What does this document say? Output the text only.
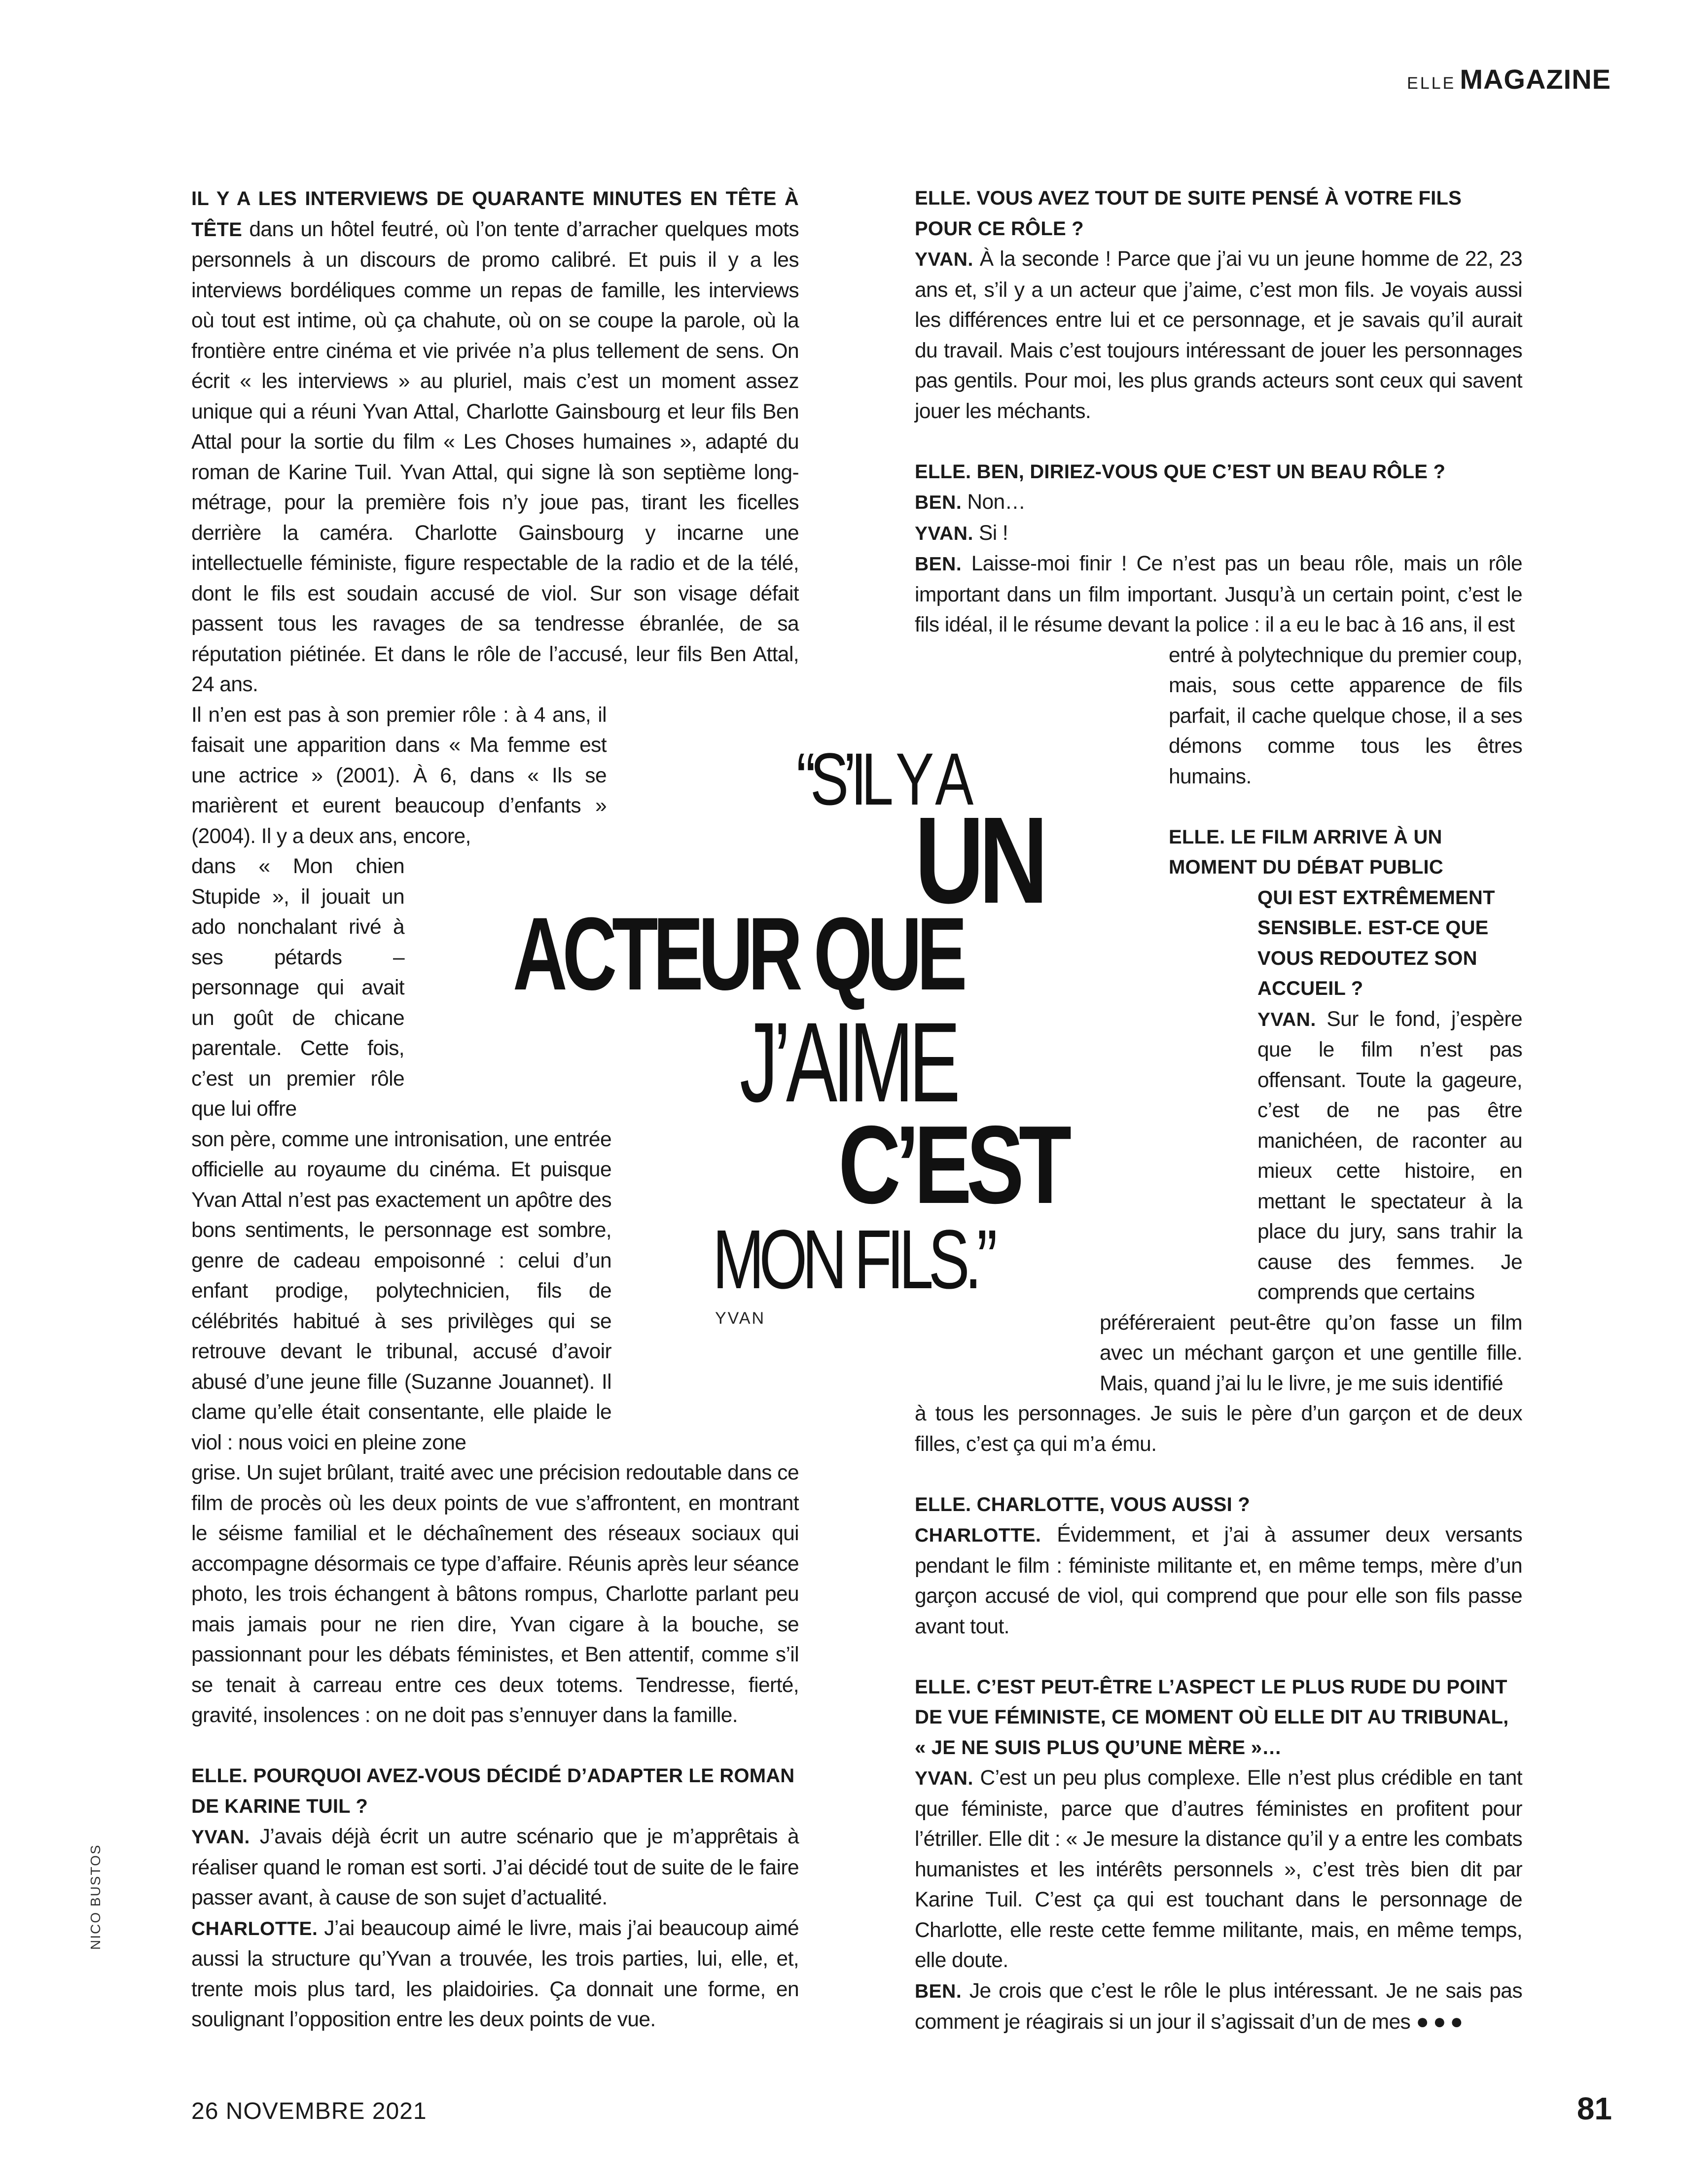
ELLE MAGAZINE

IL Y A LES INTERVIEWS DE QUARANTE MINUTES EN TÊTE À TÊTE dans un hôtel feutré, où l’on tente d’arracher quelques mots personnels à un discours de promo calibré. Et puis il y a les interviews bordéliques comme un repas de famille, les interviews où tout est intime, où ça chahute, où on se coupe la parole, où la frontière entre cinéma et vie privée n’a plus tellement de sens. On écrit « les interviews » au pluriel, mais c’est un moment assez unique qui a réuni Yvan Attal, Charlotte Gainsbourg et leur fils Ben Attal pour la sortie du film « Les Choses humaines », adapté du roman de Karine Tuil. Yvan Attal, qui signe là son septième long-métrage, pour la première fois n’y joue pas, tirant les ficelles derrière la caméra. Charlotte Gainsbourg y incarne une intellectuelle féministe, figure respectable de la radio et de la télé, dont le fils est soudain accusé de viol. Sur son visage défait passent tous les ravages de sa tendresse ébranlée, de sa réputation piétinée. Et dans le rôle de l’accusé, leur fils Ben Attal, 24 ans.

Il n’en est pas à son premier rôle : à 4 ans, il faisait une apparition dans « Ma femme est une actrice » (2001). À 6, dans « Ils se marièrent et eurent beaucoup d’enfants » (2004). Il y a deux ans, encore,

dans « Mon chien Stupide », il jouait un ado nonchalant rivé à ses pétards – personnage qui avait un goût de chicane parentale. Cette fois, c’est un premier rôle que lui offre

son père, comme une intronisation, une entrée officielle au royaume du cinéma. Et puisque Yvan Attal n’est pas exactement un apôtre des bons sentiments, le personnage est sombre, genre de cadeau empoisonné : celui d’un enfant prodige, polytechnicien, fils de célébrités habitué à ses privilèges qui se retrouve devant le tribunal, accusé d’avoir abusé d’une jeune fille (Suzanne Jouannet). Il clame qu’elle était consentante, elle plaide le viol : nous voici en pleine zone

grise. Un sujet brûlant, traité avec une précision redoutable dans ce film de procès où les deux points de vue s’affrontent, en montrant le séisme familial et le déchaînement des réseaux sociaux qui accompagne désormais ce type d’affaire. Réunis après leur séance photo, les trois échangent à bâtons rompus, Charlotte parlant peu mais jamais pour ne rien dire, Yvan cigare à la bouche, se passionnant pour les débats féministes, et Ben attentif, comme s’il se tenait à carreau entre ces deux totems. Tendresse, fierté, gravité, insolences : on ne doit pas s’ennuyer dans la famille.

ELLE. POURQUOI AVEZ-VOUS DÉCIDÉ D’ADAPTER LE ROMAN DE KARINE TUIL ?

YVAN. J’avais déjà écrit un autre scénario que je m’apprêtais à réaliser quand le roman est sorti. J’ai décidé tout de suite de le faire passer avant, à cause de son sujet d’actualité.

CHARLOTTE. J’ai beaucoup aimé le livre, mais j’ai beaucoup aimé aussi la structure qu’Yvan a trouvée, les trois parties, lui, elle, et, trente mois plus tard, les plaidoiries. Ça donnait une forme, en soulignant l’opposition entre les deux points de vue.

ELLE. VOUS AVEZ TOUT DE SUITE PENSÉ À VOTRE FILS POUR CE RÔLE ?

YVAN. À la seconde ! Parce que j’ai vu un jeune homme de 22, 23 ans et, s’il y a un acteur que j’aime, c’est mon fils. Je voyais aussi les différences entre lui et ce personnage, et je savais qu’il aurait du travail. Mais c’est toujours intéressant de jouer les personnages pas gentils. Pour moi, les plus grands acteurs sont ceux qui savent jouer les méchants.

ELLE. BEN, DIRIEZ-VOUS QUE C’EST UN BEAU RÔLE ?

BEN. Non…

YVAN. Si !

BEN. Laisse-moi finir ! Ce n’est pas un beau rôle, mais un rôle important dans un film important. Jusqu’à un certain point, c’est le fils idéal, il le résume devant la police : il a eu le bac à 16 ans, il est

entré à polytechnique du premier coup, mais, sous cette apparence de fils parfait, il cache quelque chose, il a ses démons comme tous les êtres humains.

ELLE. LE FILM ARRIVE À UN MOMENT DU DÉBAT PUBLIC

QUI EST EXTRÊMEMENT SENSIBLE. EST-CE QUE VOUS REDOUTEZ SON ACCUEIL ?

YVAN. Sur le fond, j’espère que le film n’est pas offensant. Toute la gageure, c’est de ne pas être manichéen, de raconter au mieux cette histoire, en mettant le spectateur à la place du jury, sans trahir la cause des femmes. Je comprends que certains

préféreraient peut-être qu’on fasse un film avec un méchant garçon et une gentille fille. Mais, quand j’ai lu le livre, je me suis identifié

à tous les personnages. Je suis le père d’un garçon et de deux filles, c’est ça qui m’a ému.

ELLE. CHARLOTTE, VOUS AUSSI ?

CHARLOTTE. Évidemment, et j’ai à assumer deux versants pendant le film : féministe militante et, en même temps, mère d’un garçon accusé de viol, qui comprend que pour elle son fils passe avant tout.

ELLE. C’EST PEUT-ÊTRE L’ASPECT LE PLUS RUDE DU POINT DE VUE FÉMINISTE, CE MOMENT OÙ ELLE DIT AU TRIBUNAL, « JE NE SUIS PLUS QU’UNE MÈRE »…

YVAN. C’est un peu plus complexe. Elle n’est plus crédible en tant que féministe, parce que d’autres féministes en profitent pour l’étriller. Elle dit : « Je mesure la distance qu’il y a entre les combats humanistes et les intérêts personnels », c’est très bien dit par Karine Tuil. C’est ça qui est touchant dans le personnage de Charlotte, elle reste cette femme militante, mais, en même temps, elle doute.

BEN. Je crois que c’est le rôle le plus intéressant. Je ne sais pas comment je réagirais si un jour il s’agissait d’un de mes ●●●

“S’IL Y A
UN
ACTEUR QUE
J’AIME
C’EST
MON FILS.”
YVAN
NICO BUSTOS
26 NOVEMBRE 2021	81
